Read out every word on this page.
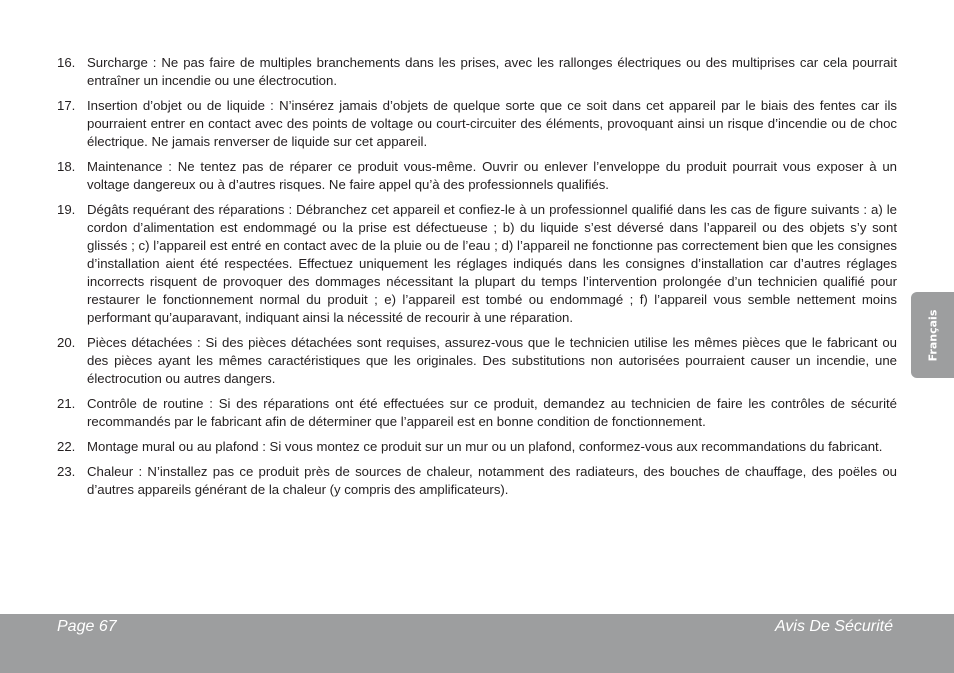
16. Surcharge : Ne pas faire de multiples branchements dans les prises, avec les rallonges électriques ou des multiprises car cela pourrait entraîner un incendie ou une électrocution.
17. Insertion d’objet ou de liquide : N’insérez jamais d’objets de quelque sorte que ce soit dans cet appareil par le biais des fentes car ils pourraient entrer en contact avec des points de voltage ou court-circuiter des éléments, provoquant ainsi un risque d’incendie ou de choc électrique. Ne jamais renverser de liquide sur cet appareil.
18. Maintenance : Ne tentez pas de réparer ce produit vous-même. Ouvrir ou enlever l’enveloppe du produit pourrait vous exposer à un voltage dangereux ou à d’autres risques. Ne faire appel qu’à des professionnels qualifiés.
19. Dégâts requérant des réparations : Débranchez cet appareil et confiez-le à un professionnel qualifié dans les cas de figure suivants : a) le cordon d’alimentation est endommagé ou la prise est défectueuse ; b) du liquide s’est déversé dans l’appareil ou des objets s’y sont glissés ; c) l’appareil est entré en contact avec de la pluie ou de l’eau ; d) l’appareil ne fonctionne pas correctement bien que les consignes d’installation aient été respectées. Effectuez uniquement les réglages indiqués dans les consignes d’installation car d’autres réglages incorrects risquent de provoquer des dommages nécessitant la plupart du temps l’intervention prolongée d’un technicien qualifié pour restaurer le fonctionnement normal du produit ; e) l’appareil est tombé ou endommagé ; f) l’appareil vous semble nettement moins performant qu’auparavant, indiquant ainsi la nécessité de recourir à une réparation.
20. Pièces détachées : Si des pièces détachées sont requises, assurez-vous que le technicien utilise les mêmes pièces que le fabricant ou des pièces ayant les mêmes caractéristiques que les originales. Des substitutions non autorisées pourraient causer un incendie, une électrocution ou autres dangers.
21. Contrôle de routine : Si des réparations ont été effectuées sur ce produit, demandez au technicien de faire les contrôles de sécurité recommandés par le fabricant afin de déterminer que l’appareil est en bonne condition de fonctionnement.
22. Montage mural ou au plafond : Si vous montez ce produit sur un mur ou un plafond, conformez-vous aux recommandations du fabricant.
23. Chaleur : N’installez pas ce produit près de sources de chaleur, notamment des radiateurs, des bouches de chauffage, des poëles ou d’autres appareils générant de la chaleur (y compris des amplificateurs).
Français
Page 67	Avis De Sécurité
